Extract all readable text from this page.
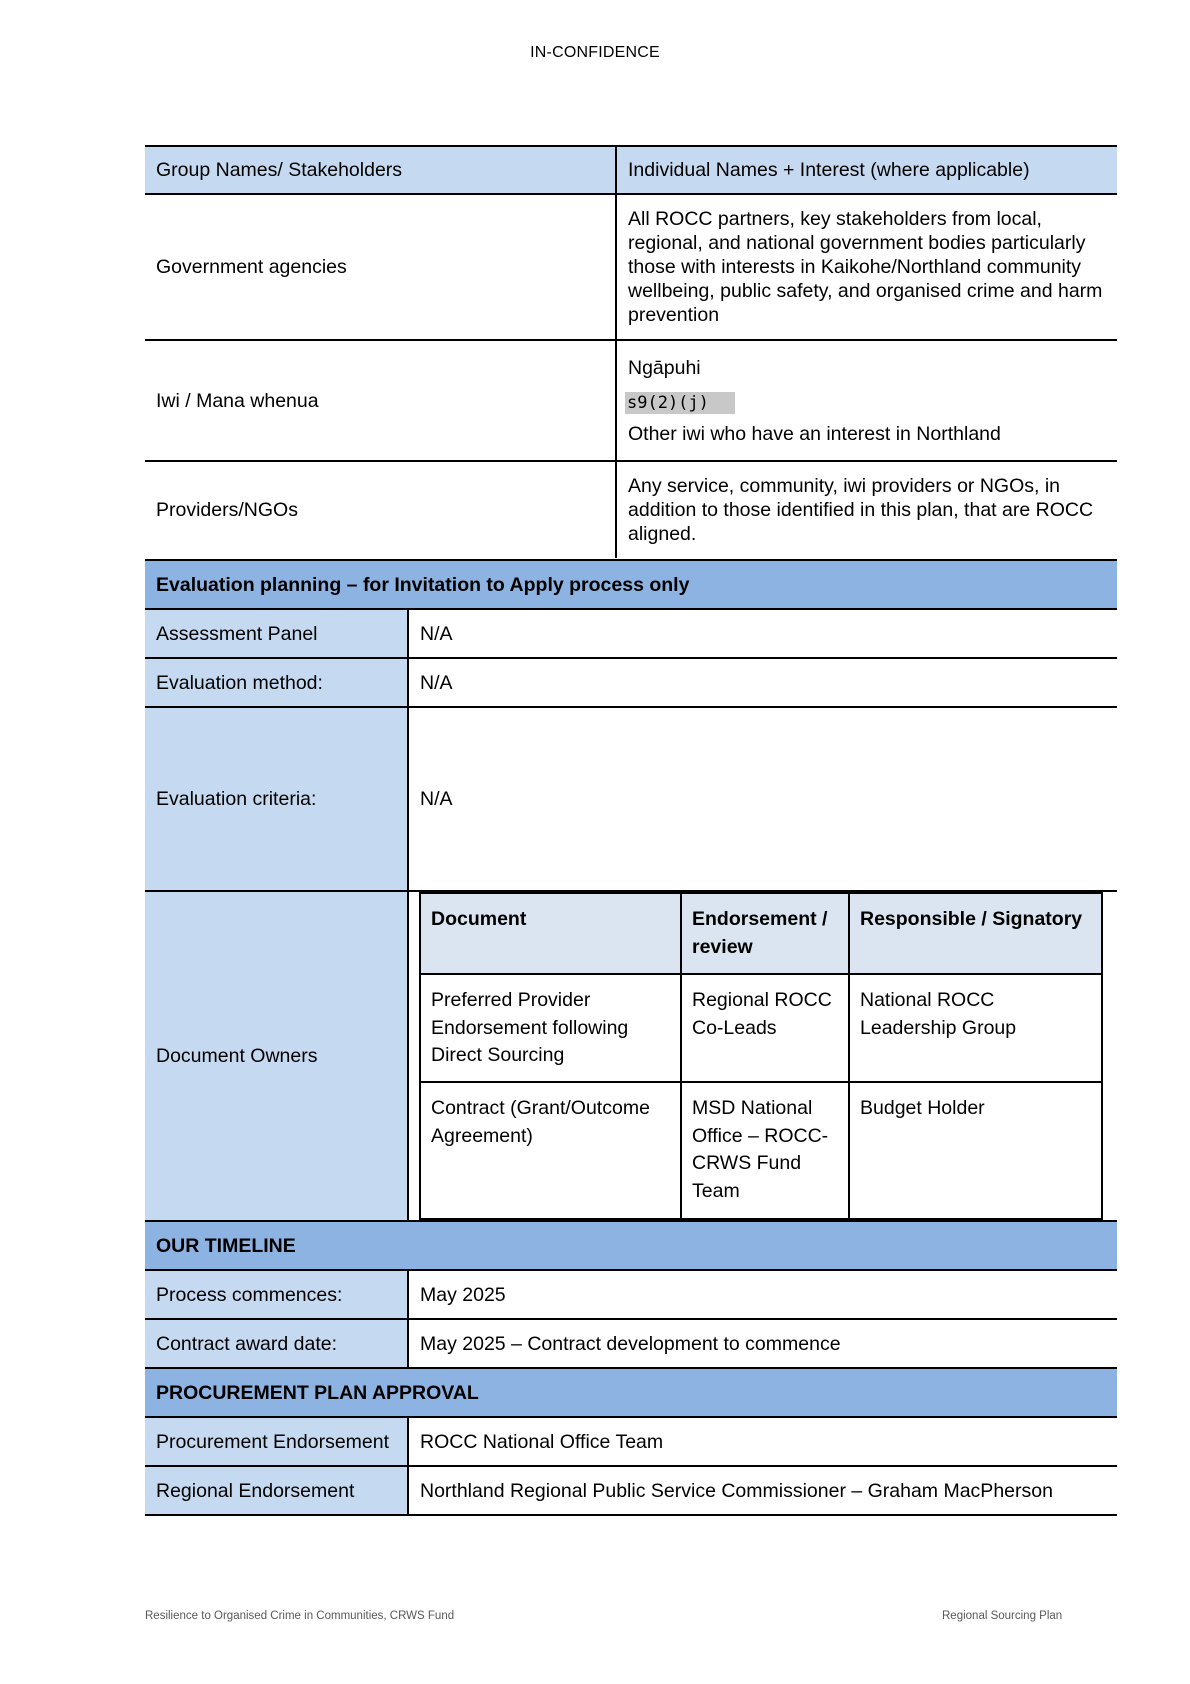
IN-CONFIDENCE
Group Names/ Stakeholders	Individual Names + Interest (where applicable)
Government agencies	All ROCC partners, key stakeholders from local, regional, and national government bodies particularly those with interests in Kaikohe/Northland community wellbeing, public safety, and organised crime and harm prevention
Iwi / Mana whenua	Ngāpuhi
s9(2)(j)
Other iwi who have an interest in Northland

Providers/NGOs	Any service, community, iwi providers or NGOs, in addition to those identified in this plan, that are ROCC aligned.
Evaluation planning – for Invitation to Apply process only
Assessment Panel	N/A
Evaluation method:	N/A
Evaluation criteria:	N/A
Document Owners	
Document	Endorsement / review	Responsible / Signatory
Preferred Provider Endorsement following Direct Sourcing	Regional ROCC Co-Leads	National ROCC Leadership Group
Contract (Grant/Outcome Agreement)	MSD National Office – ROCC-CRWS Fund Team	Budget Holder

OUR TIMELINE
Process commences:	May 2025
Contract award date:	May 2025 – Contract development to commence
PROCUREMENT PLAN APPROVAL
Procurement Endorsement	ROCC National Office Team
Regional Endorsement	Northland Regional Public Service Commissioner – Graham MacPherson
Resilience to Organised Crime in Communities, CRWS Fund	Regional Sourcing Plan
